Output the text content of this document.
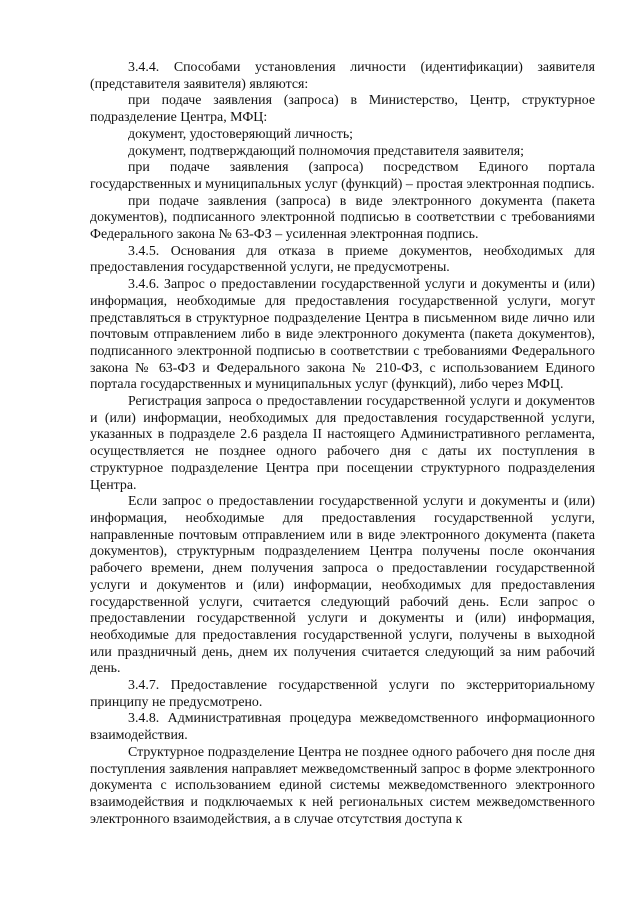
3.4.4. Способами установления личности (идентификации) заявителя (представителя заявителя) являются:

при подаче заявления (запроса) в Министерство, Центр, структурное подразделение Центра, МФЦ:

документ, удостоверяющий личность;

документ, подтверждающий полномочия представителя заявителя;

при подаче заявления (запроса) посредством Единого портала государственных и муниципальных услуг (функций) – простая электронная подпись.

при подаче заявления (запроса) в виде электронного документа (пакета документов), подписанного электронной подписью в соответствии с требованиями Федерального закона № 63-ФЗ – усиленная электронная подпись.

3.4.5. Основания для отказа в приеме документов, необходимых для предоставления государственной услуги, не предусмотрены.

3.4.6. Запрос о предоставлении государственной услуги и документы и (или) информация, необходимые для предоставления государственной услуги, могут представляться в структурное подразделение Центра в письменном виде лично или почтовым отправлением либо в виде электронного документа (пакета документов), подписанного электронной подписью в соответствии с требованиями Федерального закона № 63-ФЗ и Федерального закона № 210-ФЗ, с использованием Единого портала государственных и муниципальных услуг (функций), либо через МФЦ.

Регистрация запроса о предоставлении государственной услуги и документов и (или) информации, необходимых для предоставления государственной услуги, указанных в подразделе 2.6 раздела II настоящего Административного регламента, осуществляется не позднее одного рабочего дня с даты их поступления в структурное подразделение Центра при посещении структурного подразделения Центра.

Если запрос о предоставлении государственной услуги и документы и (или) информация, необходимые для предоставления государственной услуги, направленные почтовым отправлением или в виде электронного документа (пакета документов), структурным подразделением Центра получены после окончания рабочего времени, днем получения запроса о предоставлении государственной услуги и документов и (или) информации, необходимых для предоставления государственной услуги, считается следующий рабочий день. Если запрос о предоставлении государственной услуги и документы и (или) информация, необходимые для предоставления государственной услуги, получены в выходной или праздничный день, днем их получения считается следующий за ним рабочий день.

3.4.7. Предоставление государственной услуги по экстерриториальному принципу не предусмотрено.

3.4.8. Административная процедура межведомственного информационного взаимодействия.

Структурное подразделение Центра не позднее одного рабочего дня после дня поступления заявления направляет межведомственный запрос в форме электронного документа с использованием единой системы межведомственного электронного взаимодействия и подключаемых к ней региональных систем межведомственного электронного взаимодействия, а в случае отсутствия доступа к
